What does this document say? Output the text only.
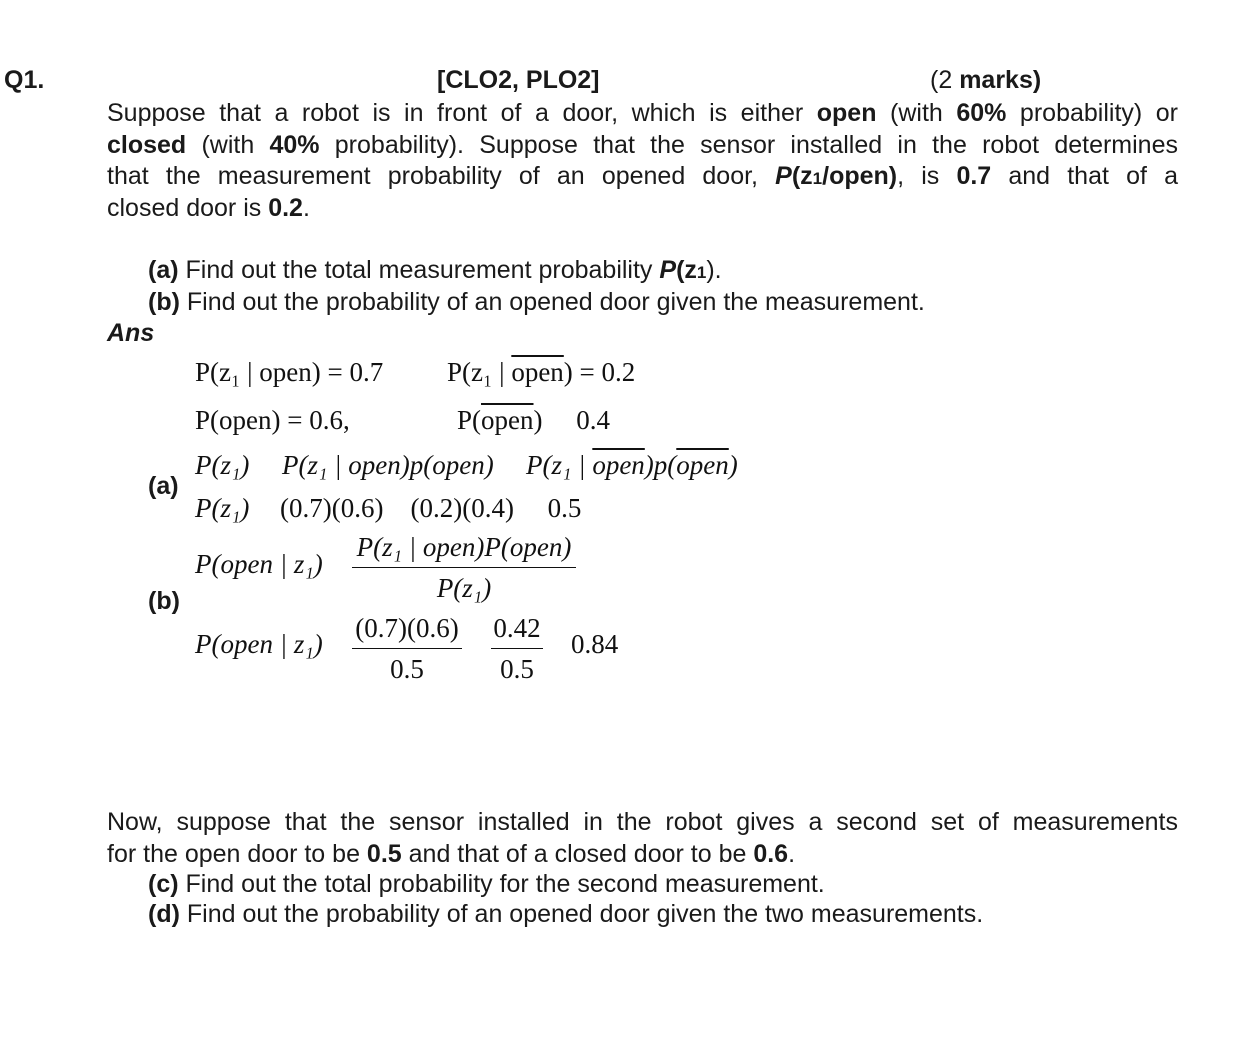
Q1.	[CLO2, PLO2]	(2 marks)
Suppose that a robot is in front of a door, which is either open (with 60% probability) or
closed (with 40% probability). Suppose that the sensor installed in the robot determines
that the measurement probability of an opened door, P(z1/open), is 0.7 and that of a
closed door is 0.2.
(a) Find out the total measurement probability P(z1).
(b) Find out the probability of an opened door given the measurement.
Ans
P(z₁ | open) = 0.7 P(z₁ | open) = 0.2
P(open) = 0.6,	P(open)     0.4
(a)
P(z₁) P(z₁ | open)p(open) P(z₁ | open)p(open)
P(z₁) (0.7)(0.6)    (0.2)(0.4)     0.5
(b)
P(open | z₁)
P(z₁ | open)P(open)
P(z₁)
P(open | z₁)
(0.7)(0.6)
0.5
0.42
0.5
0.84
Now, suppose that the sensor installed in the robot gives a second set of measurements
for the open door to be 0.5 and that of a closed door to be 0.6.
(c) Find out the total probability for the second measurement.
(d) Find out the probability of an opened door given the two measurements.
